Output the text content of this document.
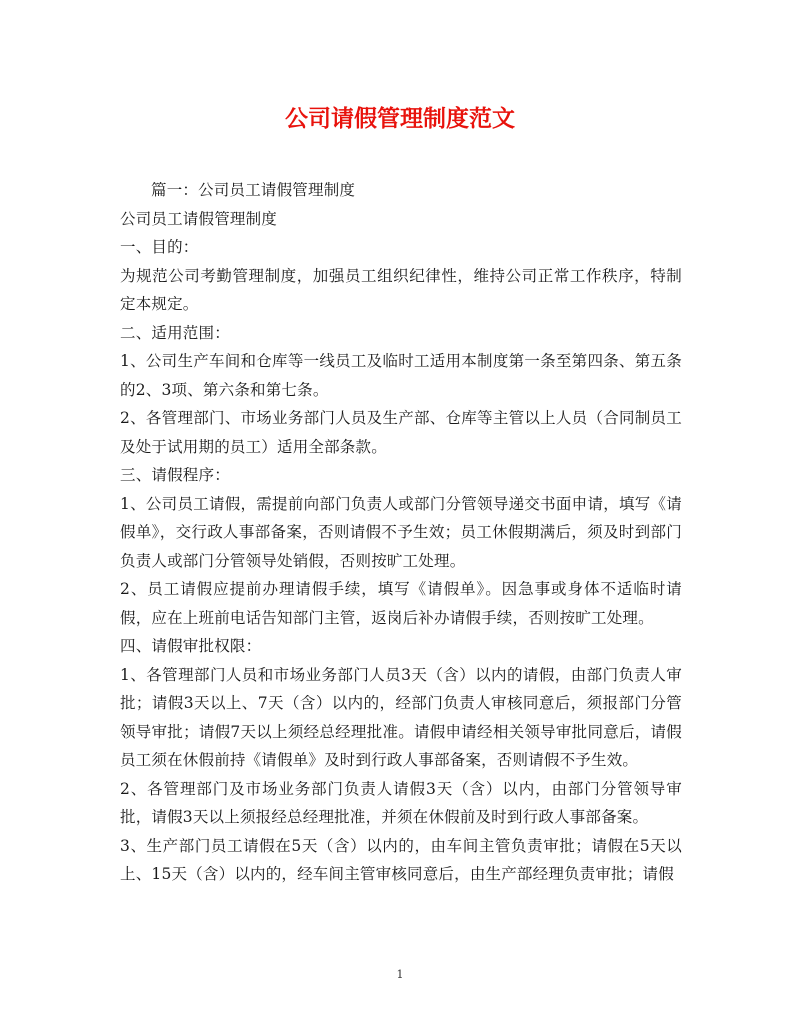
公司请假管理制度范文

篇一：公司员工请假管理制度

公司员工请假管理制度

一、目的：

为规范公司考勤管理制度，加强员工组织纪律性，维持公司正常工作秩序，特制定本规定。

二、适用范围：

1、公司生产车间和仓库等一线员工及临时工适用本制度第一条至第四条、第五条的2、3项、第六条和第七条。

2、各管理部门、市场业务部门人员及生产部、仓库等主管以上人员（合同制员工及处于试用期的员工）适用全部条款。

三、请假程序：

1、公司员工请假，需提前向部门负责人或部门分管领导递交书面申请，填写《请假单》，交行政人事部备案，否则请假不予生效；员工休假期满后，须及时到部门负责人或部门分管领导处销假，否则按旷工处理。

2、员工请假应提前办理请假手续，填写《请假单》。因急事或身体不适临时请假，应在上班前电话告知部门主管，返岗后补办请假手续，否则按旷工处理。

四、请假审批权限：

1、各管理部门人员和市场业务部门人员3天（含）以内的请假，由部门负责人审批；请假3天以上、7天（含）以内的，经部门负责人审核同意后，须报部门分管领导审批；请假7天以上须经总经理批准。请假申请经相关领导审批同意后，请假员工须在休假前持《请假单》及时到行政人事部备案，否则请假不予生效。

2、各管理部门及市场业务部门负责人请假3天（含）以内，由部门分管领导审批，请假3天以上须报经总经理批准，并须在休假前及时到行政人事部备案。

3、生产部门员工请假在5天（含）以内的，由车间主管负责审批；请假在5天以上、15天（含）以内的，经车间主管审核同意后，由生产部经理负责审批；请假

1
